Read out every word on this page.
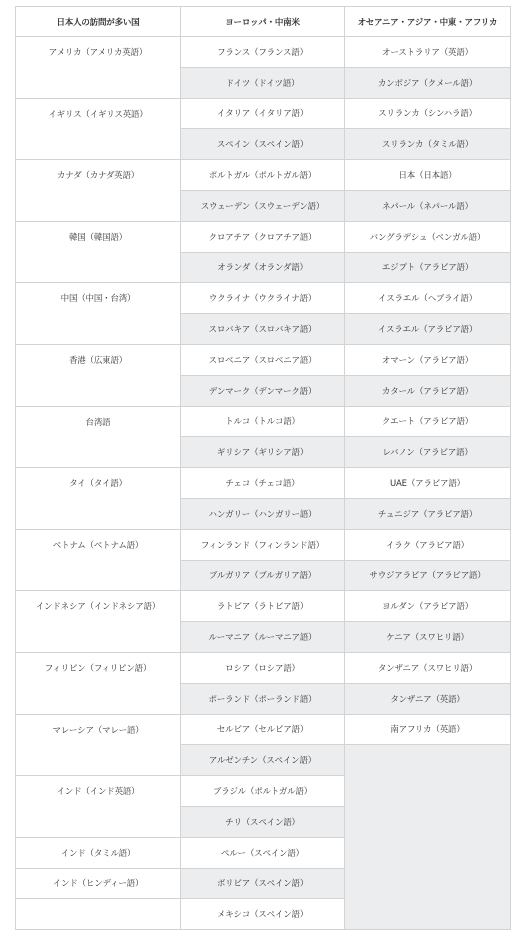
日本人の訪問が多い国	ヨーロッパ・中南米	オセアニア・アジア・中東・アフリカ
アメリカ（アメリカ英語）	フランス（フランス語）	オーストラリア（英語）
	ドイツ（ドイツ語）	カンボジア（クメール語）
イギリス（イギリス英語）	イタリア（イタリア語）	スリランカ（シンハラ語）
	スペイン（スペイン語）	スリランカ（タミル語）
カナダ（カナダ英語）	ポルトガル（ポルトガル語）	日本（日本語）
	スウェーデン（スウェーデン語）	ネパール（ネパール語）
韓国（韓国語）	クロアチア（クロアチア語）	バングラデシュ（ベンガル語）
	オランダ（オランダ語）	エジプト（アラビア語）
中国（中国・台湾）	ウクライナ（ウクライナ語）	イスラエル（ヘブライ語）
	スロバキア（スロバキア語）	イスラエル（アラビア語）
香港（広東語）	スロベニア（スロベニア語）	オマーン（アラビア語）
	デンマーク（デンマーク語）	カタール（アラビア語）
台湾語	トルコ（トルコ語）	クエート（アラビア語）
	ギリシア（ギリシア語）	レバノン（アラビア語）
タイ（タイ語）	チェコ（チェコ語）	UAE（アラビア語）
	ハンガリー（ハンガリー語）	チュニジア（アラビア語）
ベトナム（ベトナム語）	フィンランド（フィンランド語）	イラク（アラビア語）
	ブルガリア（ブルガリア語）	サウジアラビア（アラビア語）
インドネシア（インドネシア語）	ラトビア（ラトビア語）	ヨルダン（アラビア語）
	ルーマニア（ルーマニア語）	ケニア（スワヒリ語）
フィリピン（フィリピン語）	ロシア（ロシア語）	タンザニア（スワヒリ語）
	ポーランド（ポーランド語）	タンザニア（英語）
マレーシア（マレー語）	セルビア（セルビア語）	南アフリカ（英語）
	アルゼンチン（スペイン語）	
インド（インド英語）	ブラジル（ポルトガル語）	
	チリ（スペイン語）	
インド（タミル語）	ペルー（スペイン語）	
インド（ヒンディー語）	ボリビア（スペイン語）	
	メキシコ（スペイン語）	
